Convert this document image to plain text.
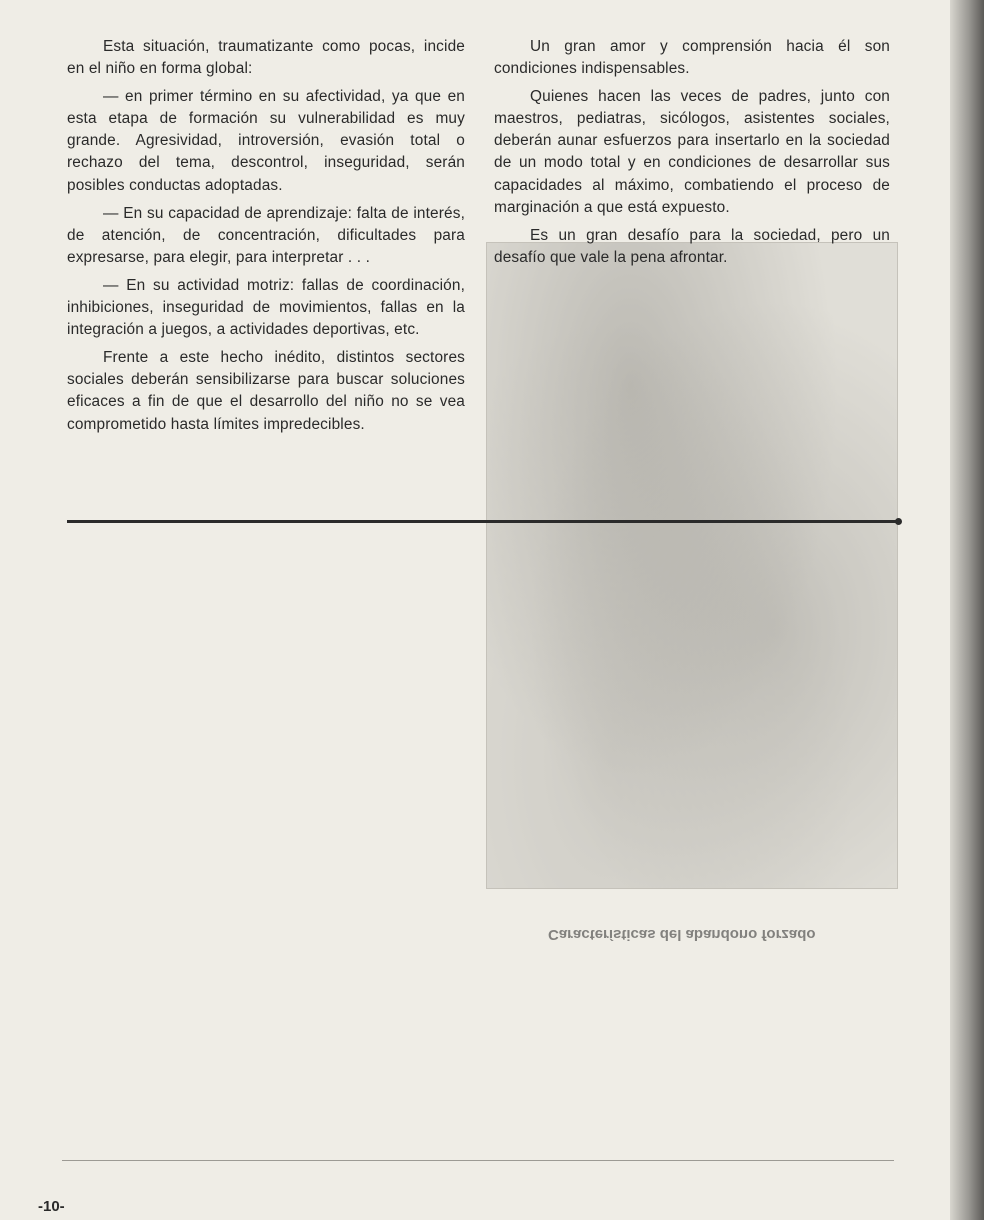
Características del abandono forzado

Esta situación, traumatizante como pocas, incide en el niño en forma global:

— en primer término en su afectividad, ya que en esta etapa de formación su vulnerabilidad es muy grande. Agresividad, introversión, evasión total o rechazo del tema, descontrol, inseguridad, serán posibles conductas adoptadas.

— En su capacidad de aprendizaje: falta de interés, de atención, de concentración, dificultades para expresarse, para elegir, para interpretar . . .

— En su actividad motriz: fallas de coordinación, inhibiciones, inseguridad de movimientos, fallas en la integración a juegos, a actividades deportivas, etc.

Frente a este hecho inédito, distintos sectores sociales deberán sensibilizarse para buscar soluciones eficaces a fin de que el desarrollo del niño no se vea comprometido hasta límites impredecibles.

Un gran amor y comprensión hacia él son condiciones indispensables.

Quienes hacen las veces de padres, junto con maestros, pediatras, sicólogos, asistentes sociales, deberán aunar esfuerzos para insertarlo en la sociedad de un modo total y en condiciones de desarrollar sus capacidades al máximo, combatiendo el proceso de marginación a que está expuesto.

Es un gran desafío para la sociedad, pero un desafío que vale la pena afrontar.

-10-
